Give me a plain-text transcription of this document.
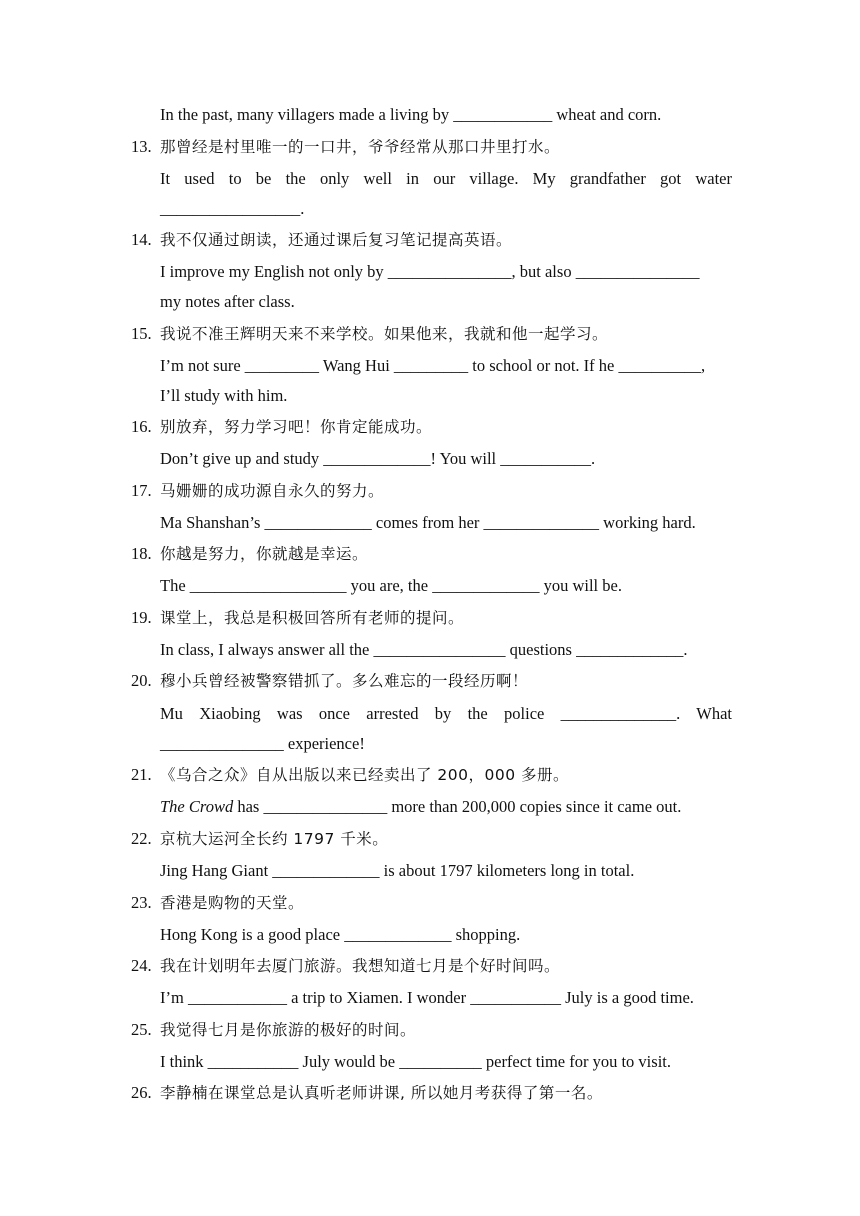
In the past, many villagers made a living by ____________ wheat and corn.
13. 那曾经是村里唯一的一口井，爷爷经常从那口井里打水。
It used to be the only well in our village. My grandfather got water
_________________.
14. 我不仅通过朗读，还通过课后复习笔记提高英语。
I improve my English not only by _______________, but also _______________
my notes after class.
15. 我说不准王辉明天来不来学校。如果他来，我就和他一起学习。
I’m not sure _________ Wang Hui _________ to school or not. If he __________,
I’ll study with him.
16. 别放弃，努力学习吧！你肯定能成功。
Don’t give up and study _____________! You will ___________.
17. 马姗姗的成功源自永久的努力。
Ma Shanshan’s _____________ comes from her ______________ working hard.
18. 你越是努力，你就越是幸运。
The ___________________ you are, the _____________ you will be.
19. 课堂上，我总是积极回答所有老师的提问。
In class, I always answer all the ________________ questions _____________.
20. 穆小兵曾经被警察错抓了。多么难忘的一段经历啊！
Mu Xiaobing was once arrested by the police ______________. What
_______________ experience!
21. 《乌合之众》自从出版以来已经卖出了 200，000 多册。
The Crowd has _______________ more than 200,000 copies since it came out.
22. 京杭大运河全长约 1797 千米。
Jing Hang Giant _____________ is about 1797 kilometers long in total.
23. 香港是购物的天堂。
Hong Kong is a good place _____________ shopping.
24. 我在计划明年去厦门旅游。我想知道七月是个好时间吗。
I’m ____________ a trip to Xiamen. I wonder ___________ July is a good time.
25. 我觉得七月是你旅游的极好的时间。
I think ___________ July would be __________ perfect time for you to visit.
26. 李静楠在课堂总是认真听老师讲课, 所以她月考获得了第一名。
